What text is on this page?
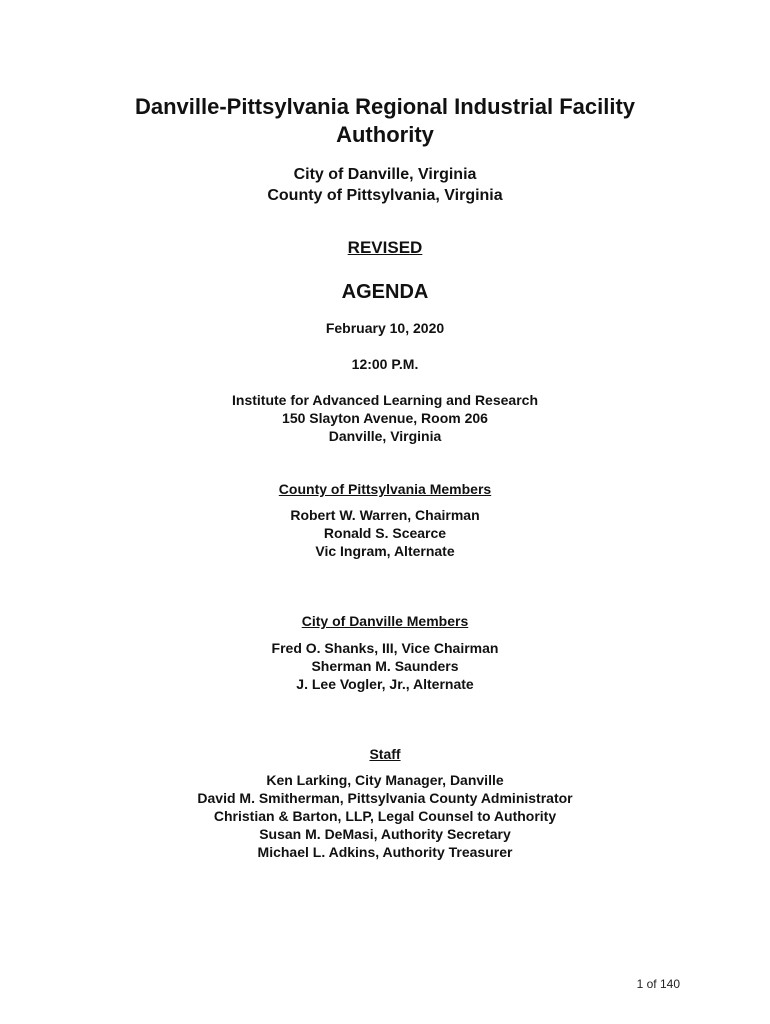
Danville-Pittsylvania Regional Industrial Facility
Authority
City of Danville, Virginia
County of Pittsylvania, Virginia
REVISED
AGENDA
February 10, 2020
12:00 P.M.
Institute for Advanced Learning and Research
150 Slayton Avenue, Room 206
Danville, Virginia
County of Pittsylvania Members
Robert W. Warren, Chairman
Ronald S. Scearce
Vic Ingram, Alternate
City of Danville Members
Fred O. Shanks, III, Vice Chairman
Sherman M. Saunders
J. Lee Vogler, Jr., Alternate
Staff
Ken Larking, City Manager, Danville
David M. Smitherman, Pittsylvania County Administrator
Christian & Barton, LLP, Legal Counsel to Authority
Susan M. DeMasi, Authority Secretary
Michael L. Adkins, Authority Treasurer
1 of 140
